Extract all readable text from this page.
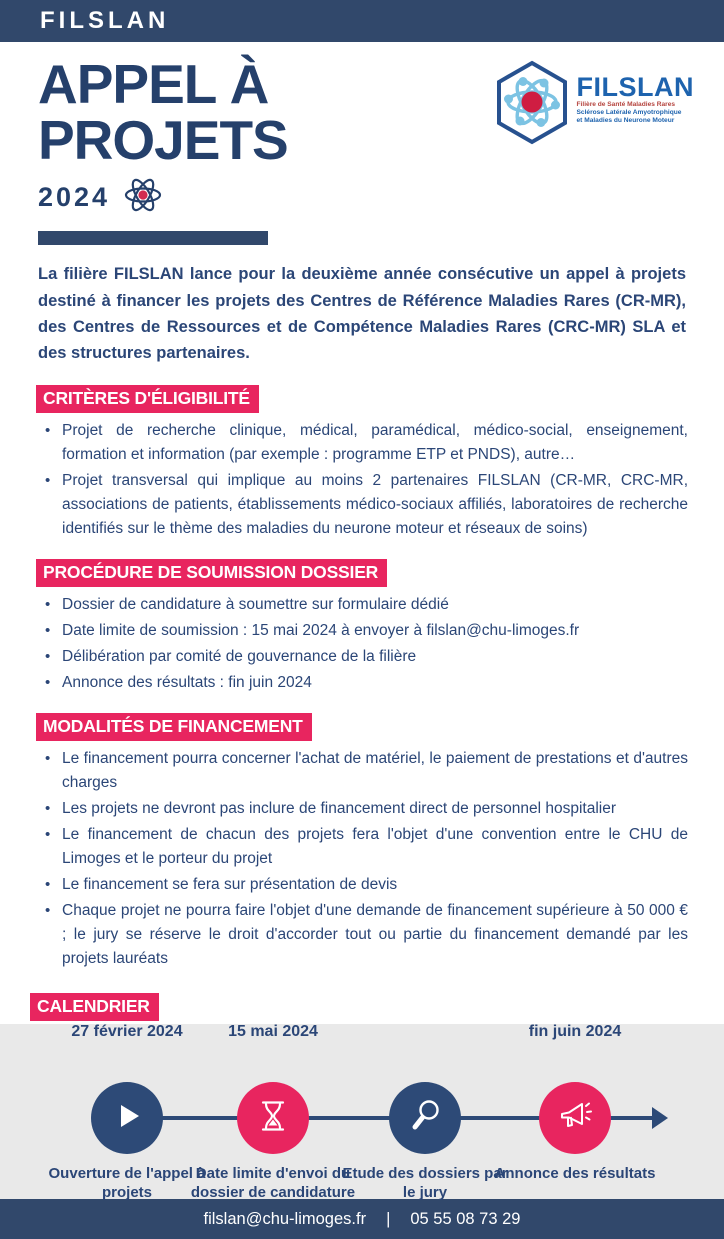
FILSLAN
APPEL À PROJETS
2024
FILSLAN
Filière de Santé Maladies Rares
Sclérose Latérale Amyotrophique
et Maladies du Neurone Moteur

La filière FILSLAN lance pour la deuxième année consécutive un appel à projets destiné à financer les projets des Centres de Référence Maladies Rares (CR-MR), des Centres de Ressources et de Compétence Maladies Rares (CRC-MR) SLA et des structures partenaires.

CRITÈRES D'ÉLIGIBILITÉ
• Projet de recherche clinique, médical, paramédical, médico-social, enseignement, formation et information (par exemple : programme ETP et PNDS), autre…
• Projet transversal qui implique au moins 2 partenaires FILSLAN (CR-MR, CRC-MR, associations de patients, établissements médico-sociaux affiliés, laboratoires de recherche identifiés sur le thème des maladies du neurone moteur et réseaux de soins)
PROCÉDURE DE SOUMISSION DOSSIER
• Dossier de candidature à soumettre sur formulaire dédié
• Date limite de soumission : 15 mai 2024 à envoyer à filslan@chu-limoges.fr
• Délibération par comité de gouvernance de la filière
• Annonce des résultats : fin juin 2024
MODALITÉS DE FINANCEMENT
• Le financement pourra concerner l'achat de matériel, le paiement de prestations et d'autres charges
• Les projets ne devront pas inclure de financement direct de personnel hospitalier
• Le financement de chacun des projets fera l'objet d'une convention entre le CHU de Limoges et le porteur du projet
• Le financement se fera sur présentation de devis
• Chaque projet ne pourra faire l'objet d'une demande de financement supérieure à 50 000 € ; le jury se réserve le droit d'accorder tout ou partie du financement demandé par les projets lauréats
CALENDRIER
27 février 2024	15 mai 2024	fin juin 2024
Ouverture de l'appel à projets
Date limite d'envoi du dossier de candidature
Etude des dossiers par le jury
Annonce des résultats
filslan@chu-limoges.fr | 05 55 08 73 29
